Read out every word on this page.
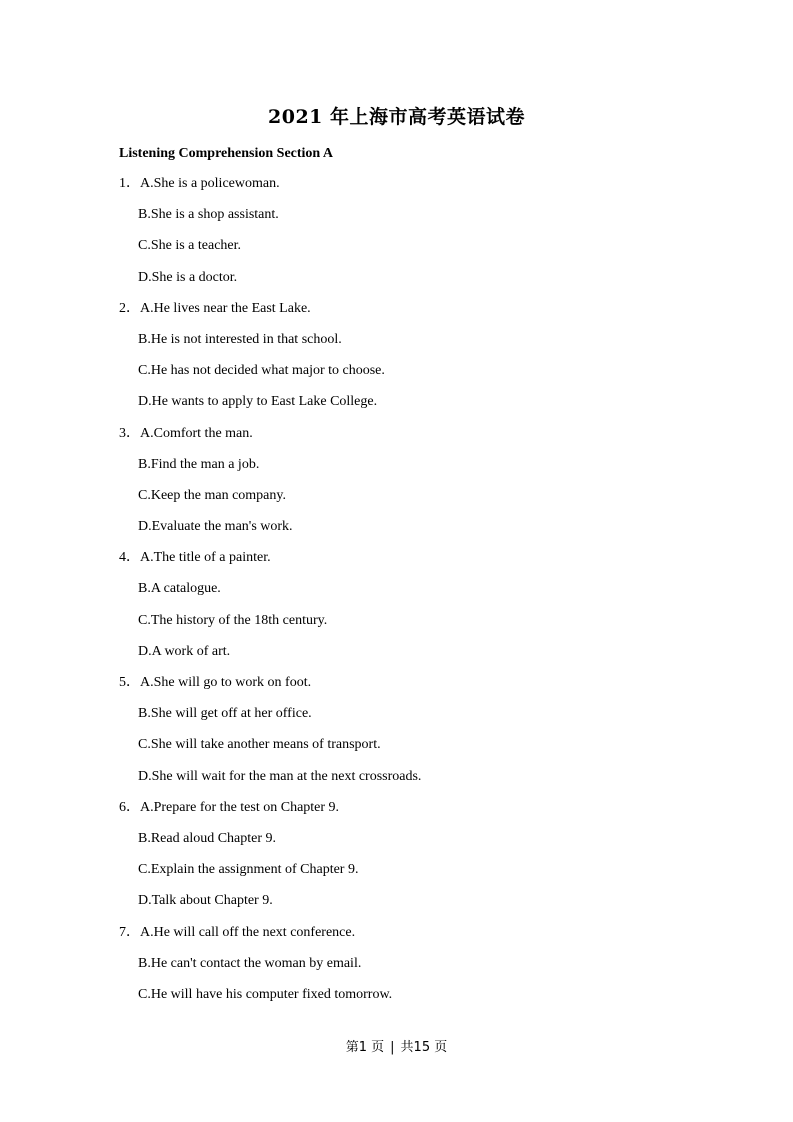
2021 年上海市高考英语试卷
Listening Comprehension Section A
1．A.She is a policewoman.
B.She is a shop assistant.
C.She is a teacher.
D.She is a doctor.
2．A.He lives near the East Lake.
B.He is not interested in that school.
C.He has not decided what major to choose.
D.He wants to apply to East Lake College.
3．A.Comfort the man.
B.Find the man a job.
C.Keep the man company.
D.Evaluate the man's work.
4．A.The title of a painter.
B.A catalogue.
C.The history of the 18th century.
D.A work of art.
5．A.She will go to work on foot.
B.She will get off at her office.
C.She will take another means of transport.
D.She will wait for the man at the next crossroads.
6．A.Prepare for the test on Chapter 9.
B.Read aloud Chapter 9.
C.Explain the assignment of Chapter 9.
D.Talk about Chapter 9.
7．A.He will call off the next conference.
B.He can't contact the woman by email.
C.He will have his computer fixed tomorrow.
第1 页 | 共15 页
